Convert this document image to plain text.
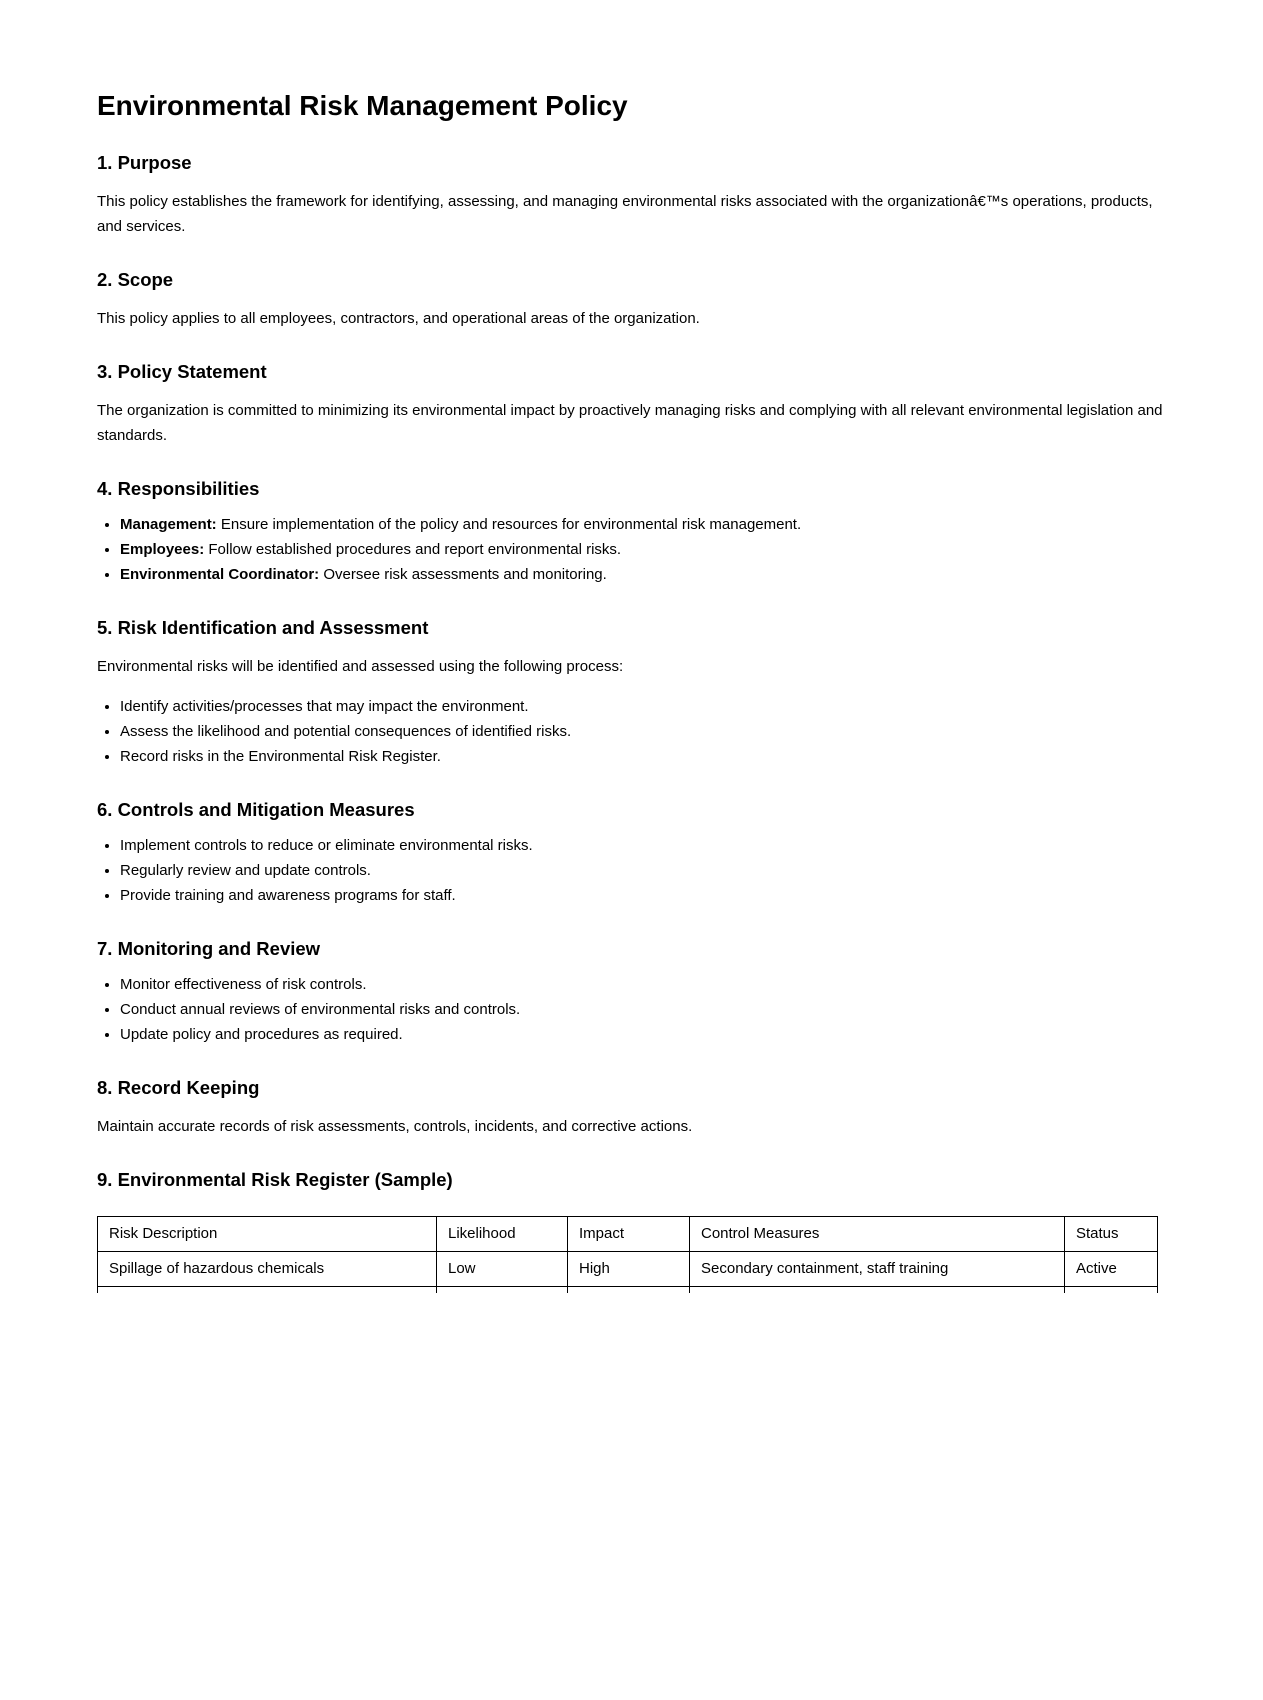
Environmental Risk Management Policy
1. Purpose

This policy establishes the framework for identifying, assessing, and managing environmental risks associated with the organizationâ€™s operations, products, and services.

2. Scope

This policy applies to all employees, contractors, and operational areas of the organization.

3. Policy Statement

The organization is committed to minimizing its environmental impact by proactively managing risks and complying with all relevant environmental legislation and standards.

4. Responsibilities
• Management: Ensure implementation of the policy and resources for environmental risk management.
• Employees: Follow established procedures and report environmental risks.
• Environmental Coordinator: Oversee risk assessments and monitoring.
5. Risk Identification and Assessment

Environmental risks will be identified and assessed using the following process:

• Identify activities/processes that may impact the environment.
• Assess the likelihood and potential consequences of identified risks.
• Record risks in the Environmental Risk Register.
6. Controls and Mitigation Measures
• Implement controls to reduce or eliminate environmental risks.
• Regularly review and update controls.
• Provide training and awareness programs for staff.
7. Monitoring and Review
• Monitor effectiveness of risk controls.
• Conduct annual reviews of environmental risks and controls.
• Update policy and procedures as required.
8. Record Keeping

Maintain accurate records of risk assessments, controls, incidents, and corrective actions.

9. Environmental Risk Register (Sample)
Risk Description	Likelihood	Impact	Control Measures	Status
Spillage of hazardous chemicals	Low	High	Secondary containment, staff training	Active
